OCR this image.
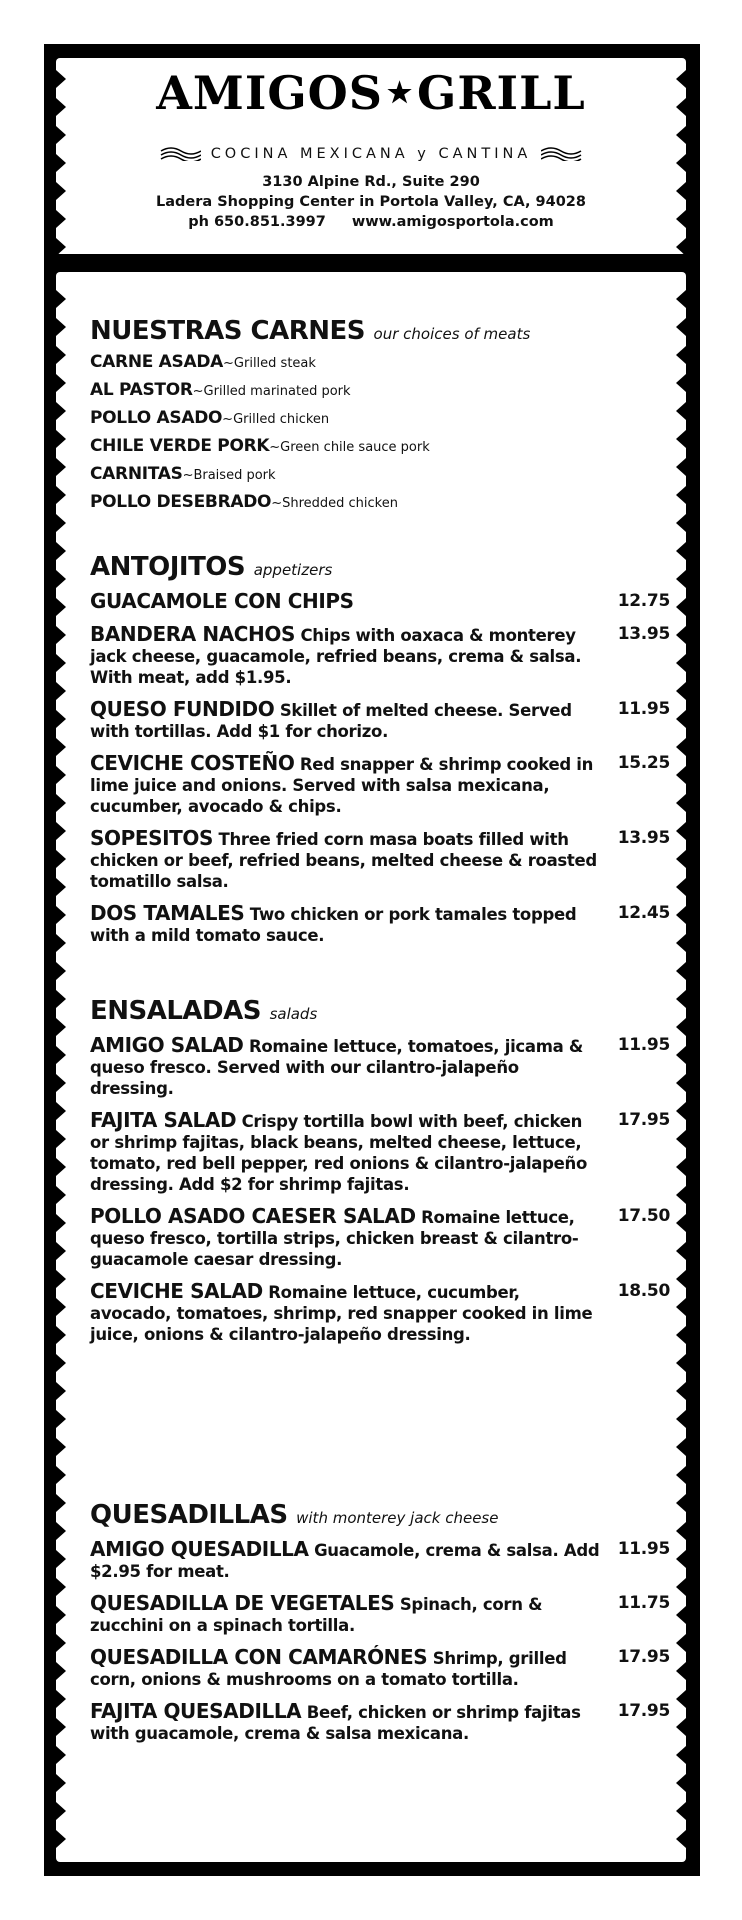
AMIGOS ★GRILL
COCINA MEXICANA y CANTINA
3130 Alpine Rd., Suite 290
Ladera Shopping Center in Portola Valley, CA, 94028
ph 650.851.3997 www.amigosportola.com
NUESTRAS CARNES our choices of meats
CARNE ASADA~Grilled steak
AL PASTOR~Grilled marinated pork
POLLO ASADO~Grilled chicken
CHILE VERDE PORK~Green chile sauce pork
CARNITAS~Braised pork
POLLO DESEBRADO~Shredded chicken
ANTOJITOS appetizers
GUACAMOLE CON CHIPS	12.75
BANDERA NACHOS Chips with oaxaca & monterey jack cheese, guacamole, refried beans, crema & salsa. With meat, add $1.95.
13.95
QUESO FUNDIDO Skillet of melted cheese. Served with tortillas. Add $1 for chorizo.
11.95
CEVICHE COSTEÑO Red snapper & shrimp cooked in lime juice and onions. Served with salsa mexicana, cucumber, avocado & chips.
15.25
SOPESITOS Three fried corn masa boats filled with chicken or beef, refried beans, melted cheese & roasted tomatillo salsa.
13.95
DOS TAMALES Two chicken or pork tamales topped with a mild tomato sauce.
12.45
ENSALADAS salads
AMIGO SALAD Romaine lettuce, tomatoes, jicama & queso fresco. Served with our cilantro-jalapeño dressing.
11.95
FAJITA SALAD Crispy tortilla bowl with beef, chicken or shrimp fajitas, black beans, melted cheese, lettuce, tomato, red bell pepper, red onions & cilantro-jalapeño dressing. Add $2 for shrimp fajitas.
17.95
POLLO ASADO CAESER SALAD Romaine lettuce, queso fresco, tortilla strips, chicken breast & cilantro-guacamole caesar dressing.
17.50
CEVICHE SALAD Romaine lettuce, cucumber, avocado, tomatoes, shrimp, red snapper cooked in lime juice, onions & cilantro-jalapeño dressing.
18.50
QUESADILLAS with monterey jack cheese
AMIGO QUESADILLA Guacamole, crema & salsa. Add $2.95 for meat.
11.95
QUESADILLA DE VEGETALES Spinach, corn & zucchini on a spinach tortilla.
11.75
QUESADILLA CON CAMARÓNES Shrimp, grilled corn, onions & mushrooms on a tomato tortilla.
17.95
FAJITA QUESADILLA Beef, chicken or shrimp fajitas with guacamole, crema & salsa mexicana.
17.95
